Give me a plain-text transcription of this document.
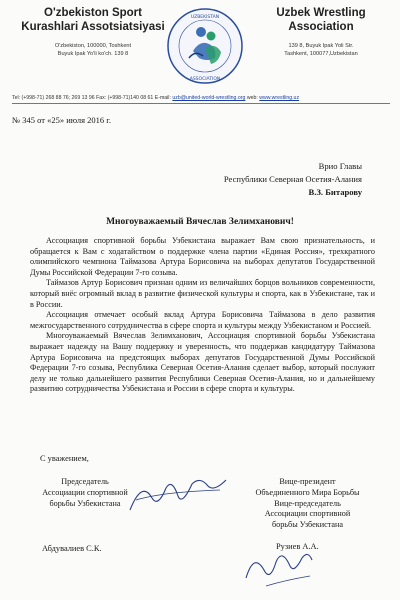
O'zbekiston Sport
Kurashlari Assotsiatsiyasi
O'zbekiston, 100000, Toshkent
Buyuk Ipak Yo'li ko'ch. 139 8
UZBEKISTAN
ASSOCIATION
Uzbek Wrestling
Association
139 8, Buyuk Ipak Yoli Str.
Tashkent, 100077,Uzbekistan
Tel: (+998-71) 268 88 76; 269 13 96 Fax: (+998-71)140 08 61 E-mail: uzb@united-world-wrestling.org web: www.wrestling.uz
№ 345 от «25» июля 2016 г.
Врио Главы
Республики Северная Осетия-Алания
В.З. Битарову
Многоуважаемый Вячеслав Зелимханович!

Ассоциация спортивной борьбы Узбекистана выражает Вам свою признательность, и обращается к Вам с ходатайством о поддержке члена партии «Единая Россия», трехкратного олимпийского чемпиона Таймазова Артура Борисовича на выборах депутатов Государственной Думы Российской Федерации 7-го созыва.

Таймазов Артур Борисович признан одним из величайших борцов вольников современности, который внёс огромный вклад в развитие физической культуры и спорта, как в Узбекистане, так и в России.

Ассоциация отмечает особый вклад Артура Борисовича Таймазова в дело развития межгосударственного сотрудничества в сфере спорта и культуры между Узбекистаном и Россией.

Многоуважаемый Вячеслав Зелимханович, Ассоциация спортивной борьбы Узбекистана выражает надежду на Вашу поддержку и уверенность, что поддержав кандидатуру Таймазова Артура Борисовича на предстоящих выборах депутатов Государственной Думы Российской Федерации 7-го созыва, Республика Северная Осетия-Алания сделает выбор, который послужит делу не только дальнейшего развития Республики Северная Осетия-Алания, но и дальнейшему развитию сотрудничества Узбекистана и России в сфере спорта и культуры.

С уважением,
Председатель
Ассоциации спортивной
борьбы Узбекистана
Вице-президент
Объединенного Мира Борьбы
Вице-председатель
Ассоциации спортивной
борьбы Узбекистана
Абдувалиев С.К.	Рузиев А.А.
